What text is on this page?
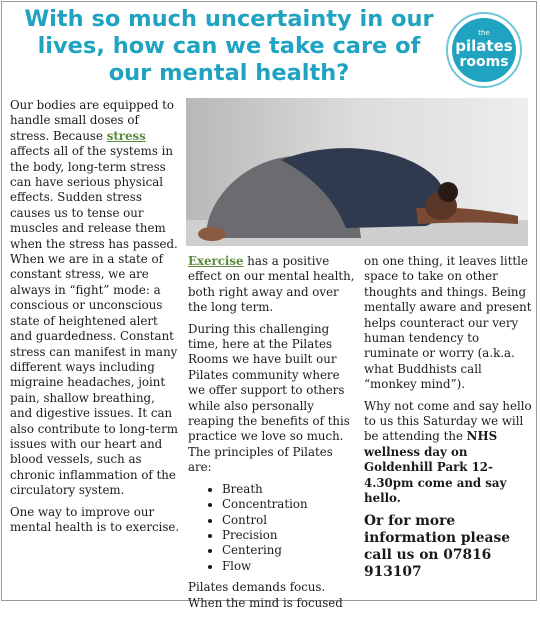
With so much uncertainty in our lives, how can we take care of our mental health?
the
pilates
rooms

Our bodies are equipped to handle small doses of stress. Because stress affects all of the systems in the body, long-term stress can have serious physical effects. Sudden stress causes us to tense our muscles and release them when the stress has passed. When we are in a state of constant stress, we are always in “fight” mode: a conscious or unconscious state of heightened alert and guardedness. Constant stress can manifest in many different ways including migraine headaches, joint pain, shallow breathing, and digestive issues. It can also contribute to long-term issues with our heart and blood vessels, such as chronic inflammation of the circulatory system.

One way to improve our mental health is to exercise.

Exercise has a positive effect on our mental health, both right away and over the long term.

During this challenging time, here at the Pilates Rooms we have built our Pilates community where we offer support to others while also personally reaping the benefits of this practice we love so much. The principles of Pilates are:

• Breath
• Concentration
• Control
• Precision
• Centering
• Flow

Pilates demands focus. When the mind is focused

on one thing, it leaves little space to take on other thoughts and things. Being mentally aware and present helps counteract our very human tendency to ruminate or worry (a.k.a. what Buddhists call “monkey mind”).

Why not come and say hello to us this Saturday we will be attending the NHS wellness day on Goldenhill Park 12-4.30pm come and say hello.

Or for more information please call us on 07816 913107
